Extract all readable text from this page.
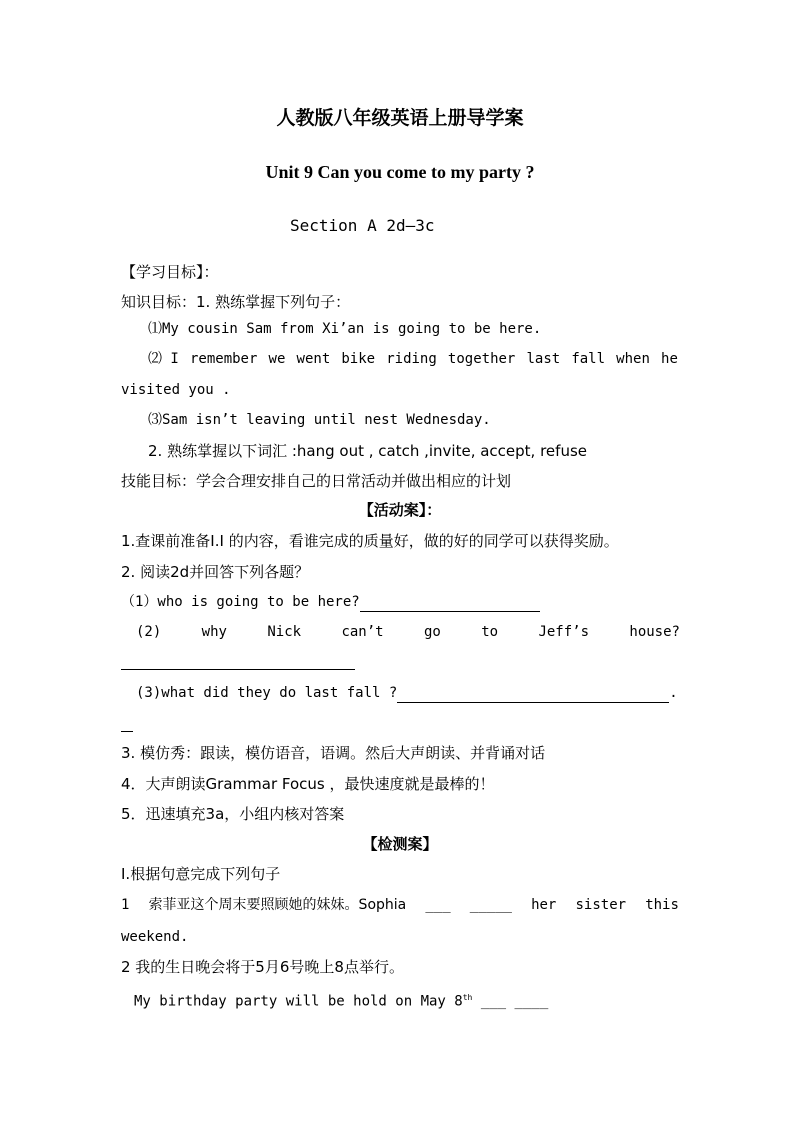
人教版八年级英语上册导学案
Unit 9 Can you come to my party ?
Section A 2d—3c
【学习目标】：
知识目标：1. 熟练掌握下列句子：
⑴My cousin Sam from Xi’an is going to be here.
⑵ I remember we went bike riding together last fall when he
visited you .
⑶Sam isn’t leaving until nest Wednesday.
2. 熟练掌握以下词汇 :hang out , catch ,invite, accept, refuse
技能目标：学会合理安排自己的日常活动并做出相应的计划
【活动案】：
1.查课前准备I.I 的内容，看谁完成的质量好，做的好的同学可以获得奖励。
2. 阅读2d并回答下列各题？
（1）who is going to be here?
(2)	why	Nick	can’t	go	to	Jeff’s	house?
(3)what did they do last fall ?	.
3. 模仿秀：跟读，模仿语音，语调。然后大声朗读、并背诵对话
4．大声朗读Grammar Focus ，最快速度就是最棒的！
5．迅速填充3a，小组内核对答案
【检测案】
I.根据句意完成下列句子
1 索菲亚这个周末要照顾她的妹妹。Sophia ___ _____ her sister this
weekend.
2 我的生日晚会将于5月6号晚上8点举行。
My birthday party will be hold on May 8th ___ ____
